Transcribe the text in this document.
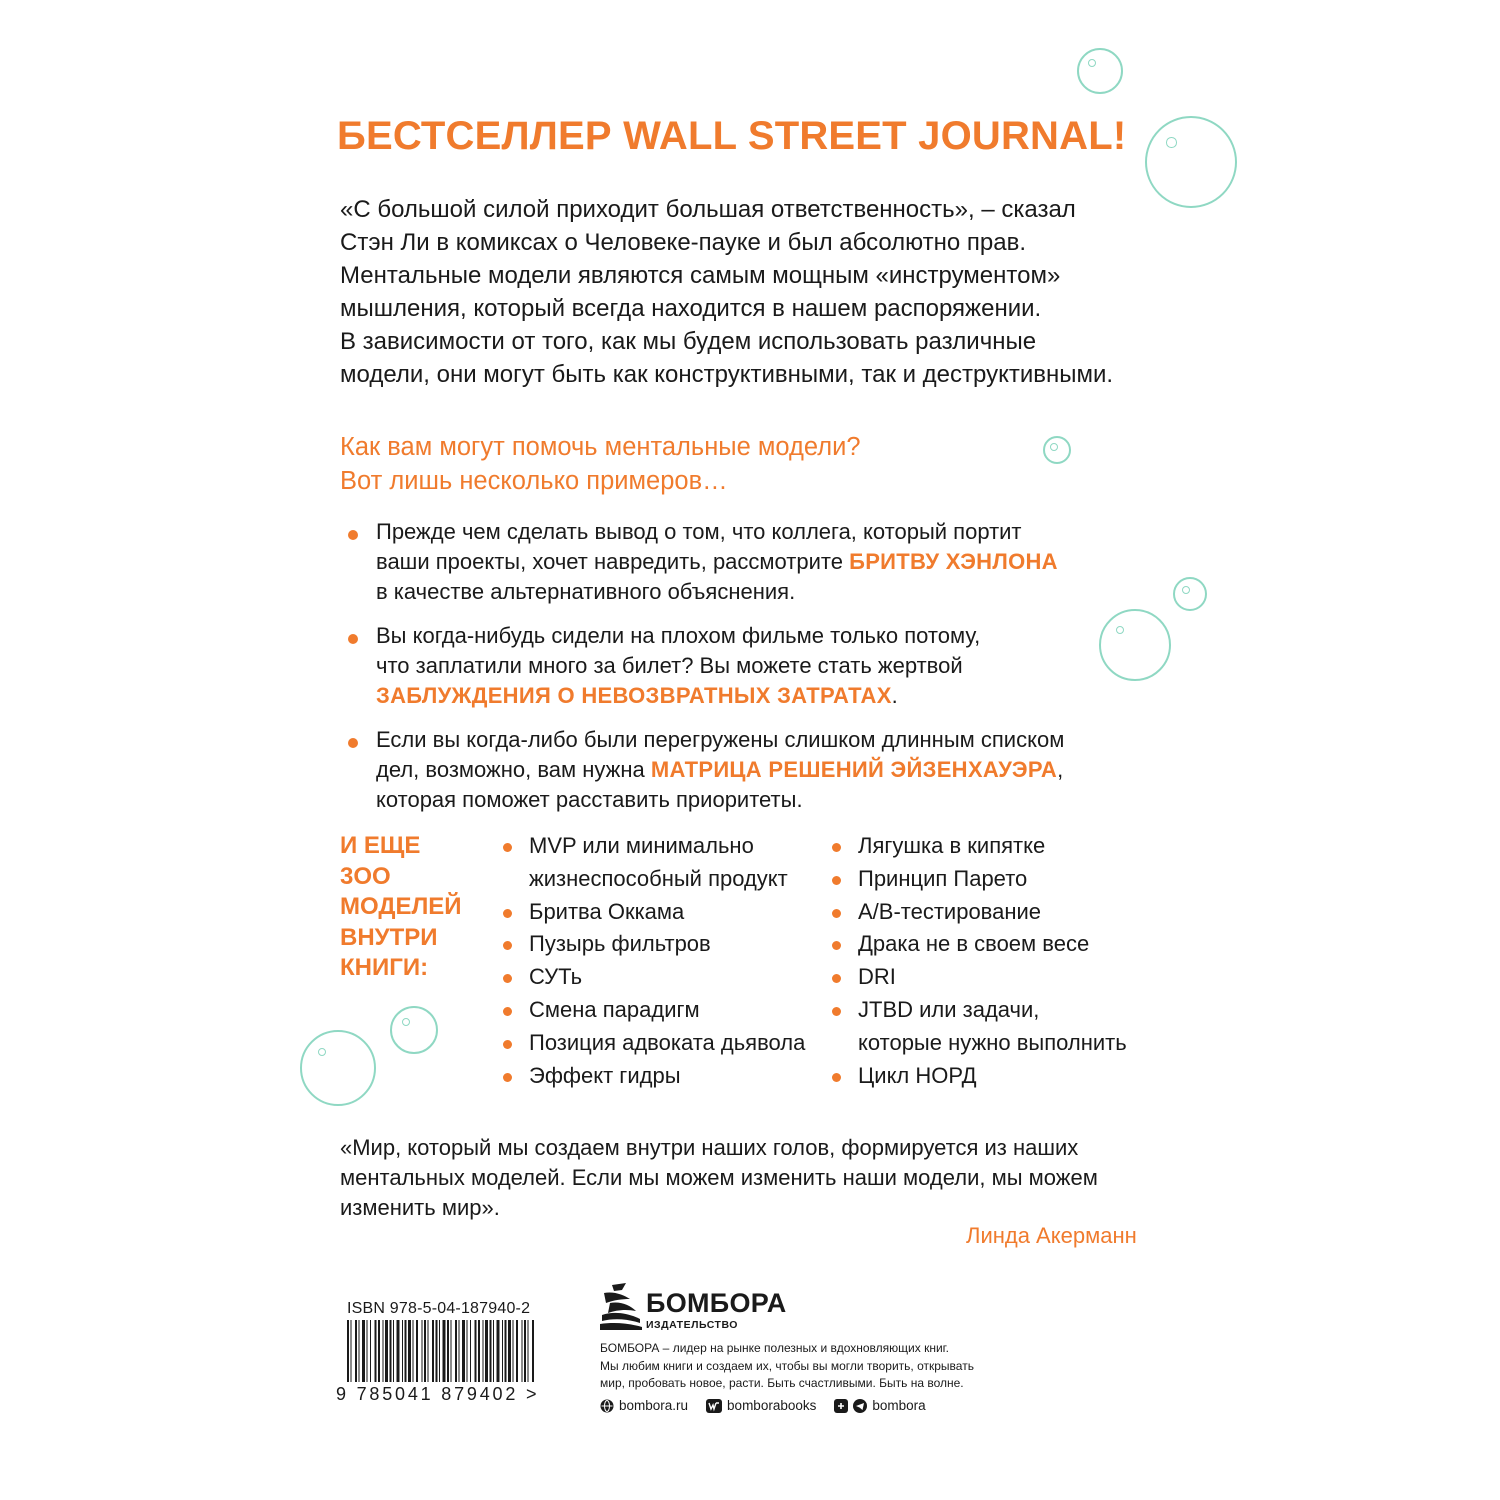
БЕСТСЕЛЛЕР WALL STREET JOURNAL!

«С большой силой приходит большая ответственность», – сказал

Стэн Ли в комиксах о Человеке-пауке и был абсолютно прав.

Ментальные модели являются самым мощным «инструментом»

мышления, который всегда находится в нашем распоряжении.

В зависимости от того, как мы будем использовать различные

модели, они могут быть как конструктивными, так и деструктивными.

Как вам могут помочь ментальные модели?
Вот лишь несколько примеров…
Прежде чем сделать вывод о том, что коллега, который портит
ваши проекты, хочет навредить, рассмотрите БРИТВУ ХЭНЛОНА
в качестве альтернативного объяснения.
Вы когда-нибудь сидели на плохом фильме только потому,
что заплатили много за билет? Вы можете стать жертвой
ЗАБЛУЖДЕНИЯ О НЕВОЗВРАТНЫХ ЗАТРАТАХ.
Если вы когда-либо были перегружены слишком длинным списком
дел, возможно, вам нужна МАТРИЦА РЕШЕНИЙ ЭЙЗЕНХАУЭРА,
которая поможет расставить приоритеты.
И ЕЩЕ
3OO
МОДЕЛЕЙ
ВНУТРИ
КНИГИ:
MVP или минимально
жизнеспособный продукт
Бритва Оккама
Пузырь фильтров
СУТь
Смена парадигм
Позиция адвоката дьявола
Эффект гидры
Лягушка в кипятке
Принцип Парето
А/В-тестирование
Драка не в своем весе
DRI
JTBD или задачи,
которые нужно выполнить
Цикл НОРД
«Мир, который мы создаем внутри наших голов, формируется из наших
ментальных моделей. Если мы можем изменить наши модели, мы можем
изменить мир».
Линда Акерманн
ISBN 978-5-04-187940-2
9 785041 879402 >
БОМБОРА
ИЗДАТЕЛЬСТВО
БОМБОРА – лидер на рынке полезных и вдохновляющих книг.
Мы любим книги и создаем их, чтобы вы могли творить, открывать
мир, пробовать новое, расти. Быть счастливыми. Быть на волне.
bombora.ru	bomborabooks	bombora
